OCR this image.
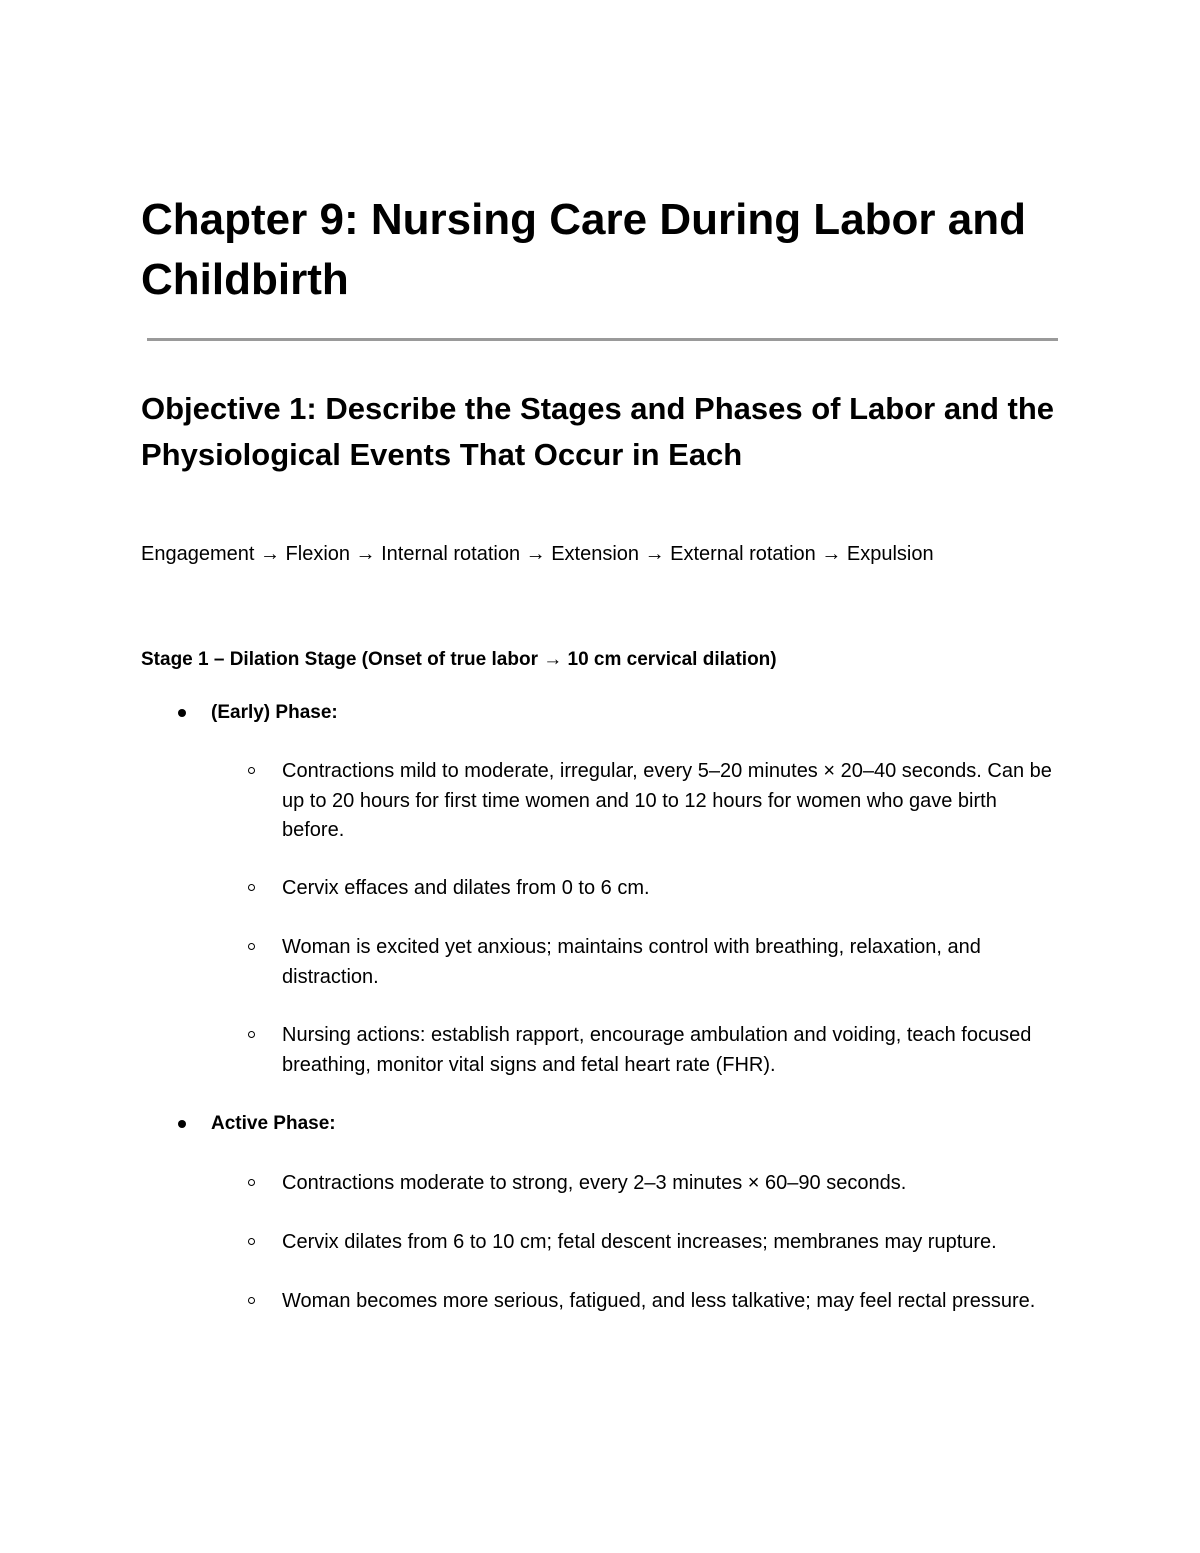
Chapter 9: Nursing Care During Labor and Childbirth
Objective 1: Describe the Stages and Phases of Labor and the Physiological Events That Occur in Each

Engagement → Flexion → Internal rotation → Extension → External rotation → Expulsion

Stage 1 – Dilation Stage (Onset of true labor → 10 cm cervical dilation)

(Early) Phase:
Contractions mild to moderate, irregular, every 5–20 minutes × 20–40 seconds. Can be up to 20 hours for first time women and 10 to 12 hours for women who gave birth before.
Cervix effaces and dilates from 0 to 6 cm.
Woman is excited yet anxious; maintains control with breathing, relaxation, and distraction.
Nursing actions: establish rapport, encourage ambulation and voiding, teach focused breathing, monitor vital signs and fetal heart rate (FHR).
Active Phase:
Contractions moderate to strong, every 2–3 minutes × 60–90 seconds.
Cervix dilates from 6 to 10 cm; fetal descent increases; membranes may rupture.
Woman becomes more serious, fatigued, and less talkative; may feel rectal pressure.
